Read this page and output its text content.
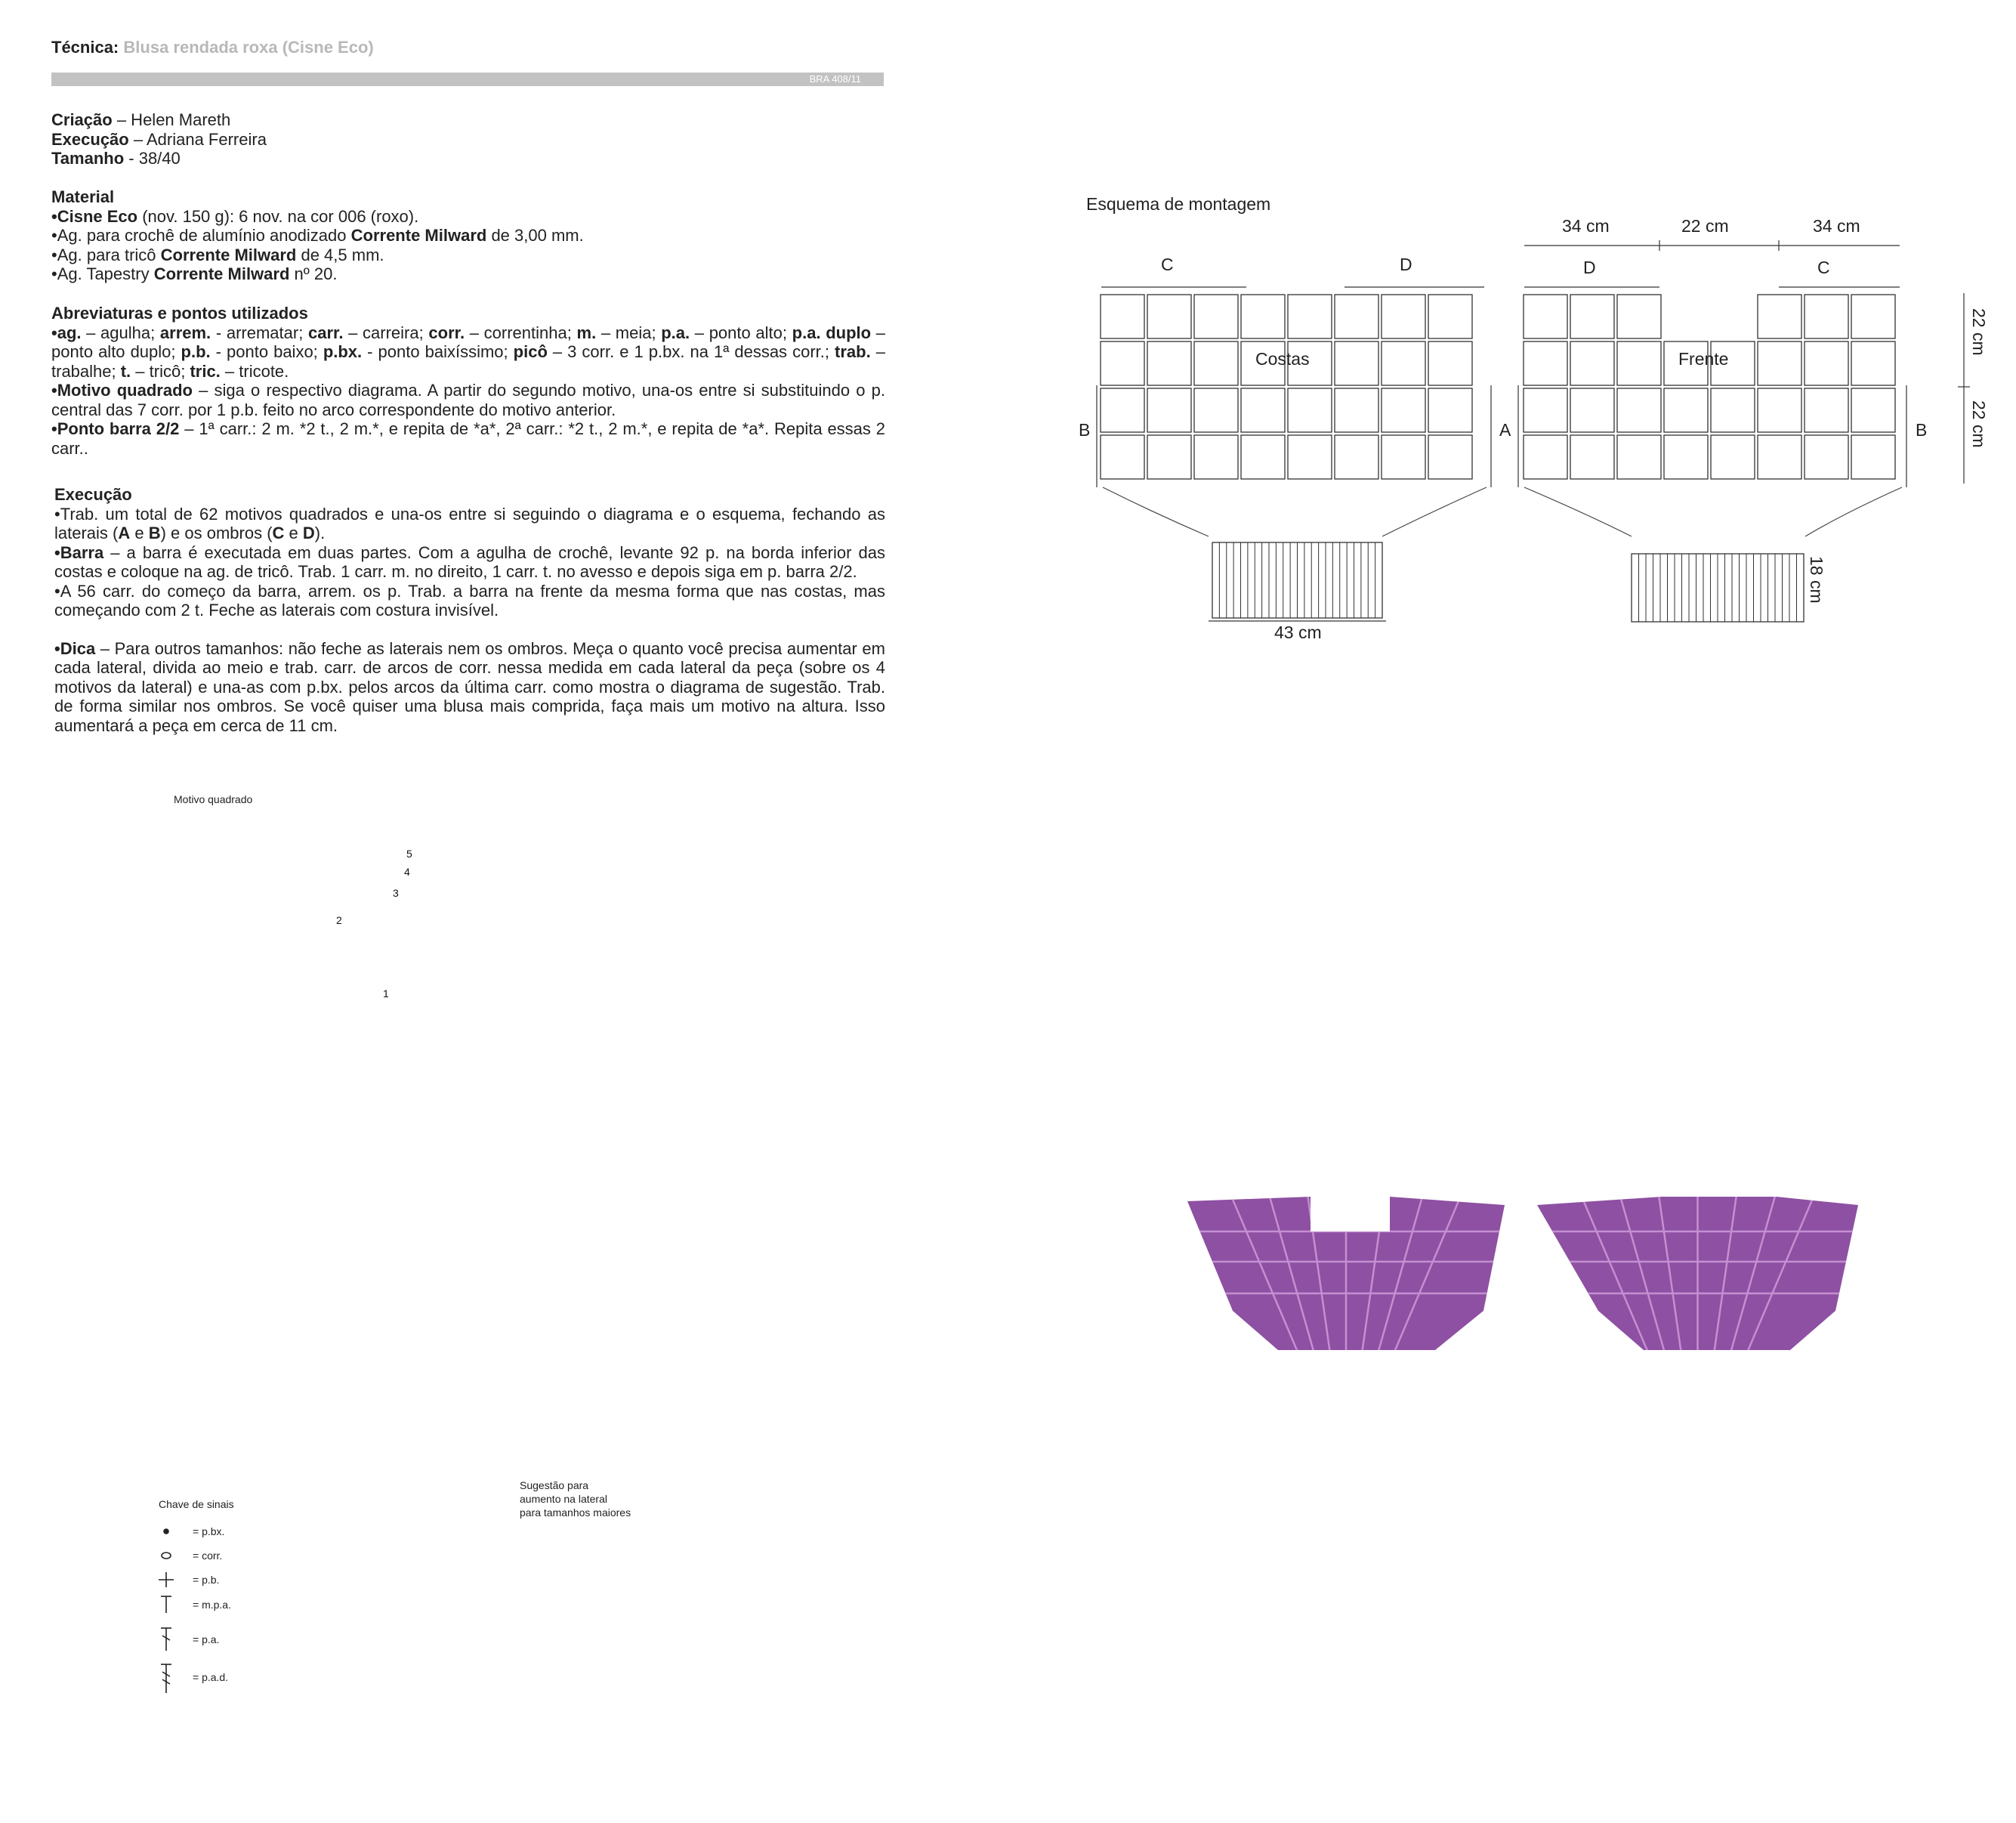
Técnica: Blusa rendada roxa (Cisne Eco)
BRA 408/11
Criação – Helen Mareth
Execução – Adriana Ferreira
Tamanho - 38/40
Material
•Cisne Eco (nov. 150 g): 6 nov. na cor 006 (roxo).
•Ag. para crochê de alumínio anodizado Corrente Milward de 3,00 mm.
•Ag. para tricô Corrente Milward de 4,5 mm.
•Ag. Tapestry Corrente Milward nº 20.
Abreviaturas e pontos utilizados
•ag. – agulha; arrem. - arrematar; carr. – carreira; corr. – correntinha; m. – meia; p.a. – ponto alto; p.a. duplo – ponto alto duplo; p.b. - ponto baixo; p.bx. - ponto baixíssimo; picô – 3 corr. e 1 p.bx. na 1ª dessas corr.; trab. – trabalhe; t. – tricô; tric. – tricote.
•Motivo quadrado – siga o respectivo diagrama. A partir do segundo motivo, una-os entre si substituindo o p. central das 7 corr. por 1 p.b. feito no arco correspondente do motivo anterior.
•Ponto barra 2/2 – 1ª carr.: 2 m. *2 t., 2 m.*, e repita de *a*, 2ª carr.: *2 t., 2 m.*, e repita de *a*. Repita essas 2 carr..
Execução
•Trab. um total de 62 motivos quadrados e una-os entre si seguindo o diagrama e o esquema, fechando as laterais (A e B) e os ombros (C e D).
•Barra – a barra é executada em duas partes. Com a agulha de crochê, levante 92 p. na borda inferior das costas e coloque na ag. de tricô. Trab. 1 carr. m. no direito, 1 carr. t. no avesso e depois siga em p. barra 2/2.
•A 56 carr. do começo da barra, arrem. os p. Trab. a barra na frente da mesma forma que nas costas, mas começando com 2 t. Feche as laterais com costura invisível.
•Dica – Para outros tamanhos: não feche as laterais nem os ombros. Meça o quanto você precisa aumentar em cada lateral, divida ao meio e trab. carr. de arcos de corr. nessa medida em cada lateral da peça (sobre os 4 motivos da lateral) e una-as com p.bx. pelos arcos da última carr. como mostra o diagrama de sugestão. Trab. de forma similar nos ombros. Se você quiser uma blusa mais comprida, faça mais um motivo na altura. Isso aumentará a peça em cerca de 11 cm.
Esquema de montagem
34 cm	22 cm	34 cm
C	D	D	C
Costas	Frente
B	A	B
22 cm
22 cm
43 cm
18 cm
Motivo quadrado
1
2
3
4
5
Chave de sinais
= p.bx.
= corr.
= p.b.
= m.p.a.
= p.a.
= p.a.d.
Sugestão para
aumento na lateral
para tamanhos maiores
